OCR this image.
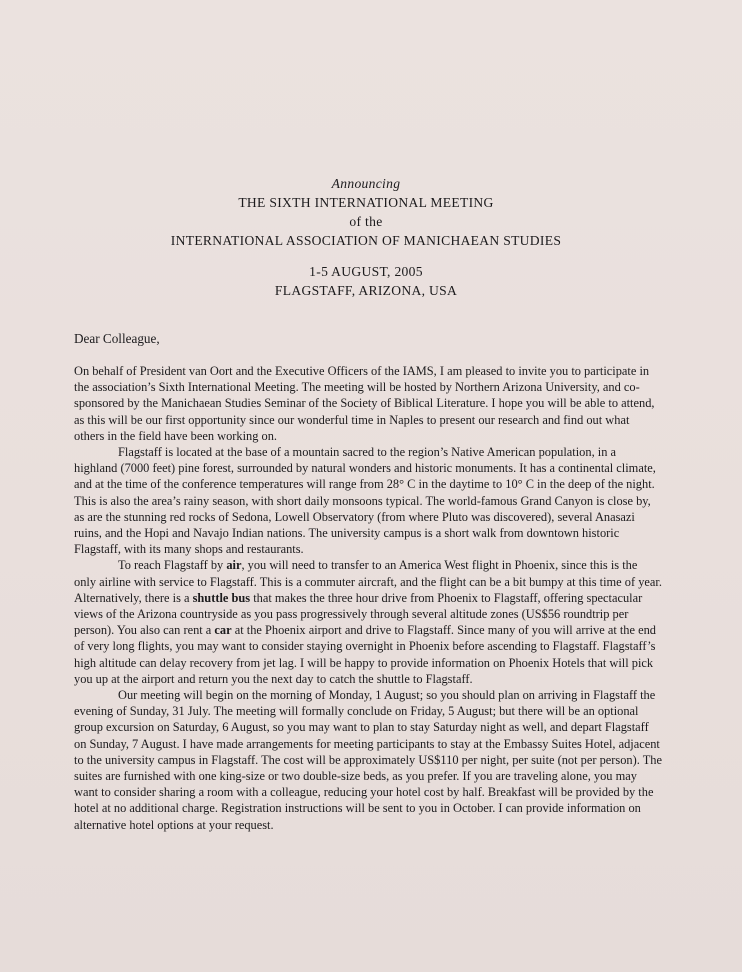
Announcing
THE SIXTH INTERNATIONAL MEETING
of the
INTERNATIONAL ASSOCIATION OF MANICHAEAN STUDIES
1-5 AUGUST, 2005
FLAGSTAFF, ARIZONA, USA
Dear Colleague,

On behalf of President van Oort and the Executive Officers of the IAMS, I am pleased to invite you to participate in the association’s Sixth International Meeting. The meeting will be hosted by Northern Arizona University, and co-sponsored by the Manichaean Studies Seminar of the Society of Biblical Literature. I hope you will be able to attend, as this will be our first opportunity since our wonderful time in Naples to present our research and find out what others in the field have been working on.

Flagstaff is located at the base of a mountain sacred to the region’s Native American population, in a highland (7000 feet) pine forest, surrounded by natural wonders and historic monuments. It has a continental climate, and at the time of the conference temperatures will range from 28° C in the daytime to 10° C in the deep of the night. This is also the area’s rainy season, with short daily monsoons typical. The world-famous Grand Canyon is close by, as are the stunning red rocks of Sedona, Lowell Observatory (from where Pluto was discovered), several Anasazi ruins, and the Hopi and Navajo Indian nations. The university campus is a short walk from downtown historic Flagstaff, with its many shops and restaurants.

To reach Flagstaff by air, you will need to transfer to an America West flight in Phoenix, since this is the only airline with service to Flagstaff. This is a commuter aircraft, and the flight can be a bit bumpy at this time of year. Alternatively, there is a shuttle bus that makes the three hour drive from Phoenix to Flagstaff, offering spectacular views of the Arizona countryside as you pass progressively through several altitude zones (US$56 roundtrip per person). You also can rent a car at the Phoenix airport and drive to Flagstaff. Since many of you will arrive at the end of very long flights, you may want to consider staying overnight in Phoenix before ascending to Flagstaff. Flagstaff’s high altitude can delay recovery from jet lag. I will be happy to provide information on Phoenix Hotels that will pick you up at the airport and return you the next day to catch the shuttle to Flagstaff.

Our meeting will begin on the morning of Monday, 1 August; so you should plan on arriving in Flagstaff the evening of Sunday, 31 July. The meeting will formally conclude on Friday, 5 August; but there will be an optional group excursion on Saturday, 6 August, so you may want to plan to stay Saturday night as well, and depart Flagstaff on Sunday, 7 August. I have made arrangements for meeting participants to stay at the Embassy Suites Hotel, adjacent to the university campus in Flagstaff. The cost will be approximately US$110 per night, per suite (not per person). The suites are furnished with one king-size or two double-size beds, as you prefer. If you are traveling alone, you may want to consider sharing a room with a colleague, reducing your hotel cost by half. Breakfast will be provided by the hotel at no additional charge. Registration instructions will be sent to you in October. I can provide information on alternative hotel options at your request.
